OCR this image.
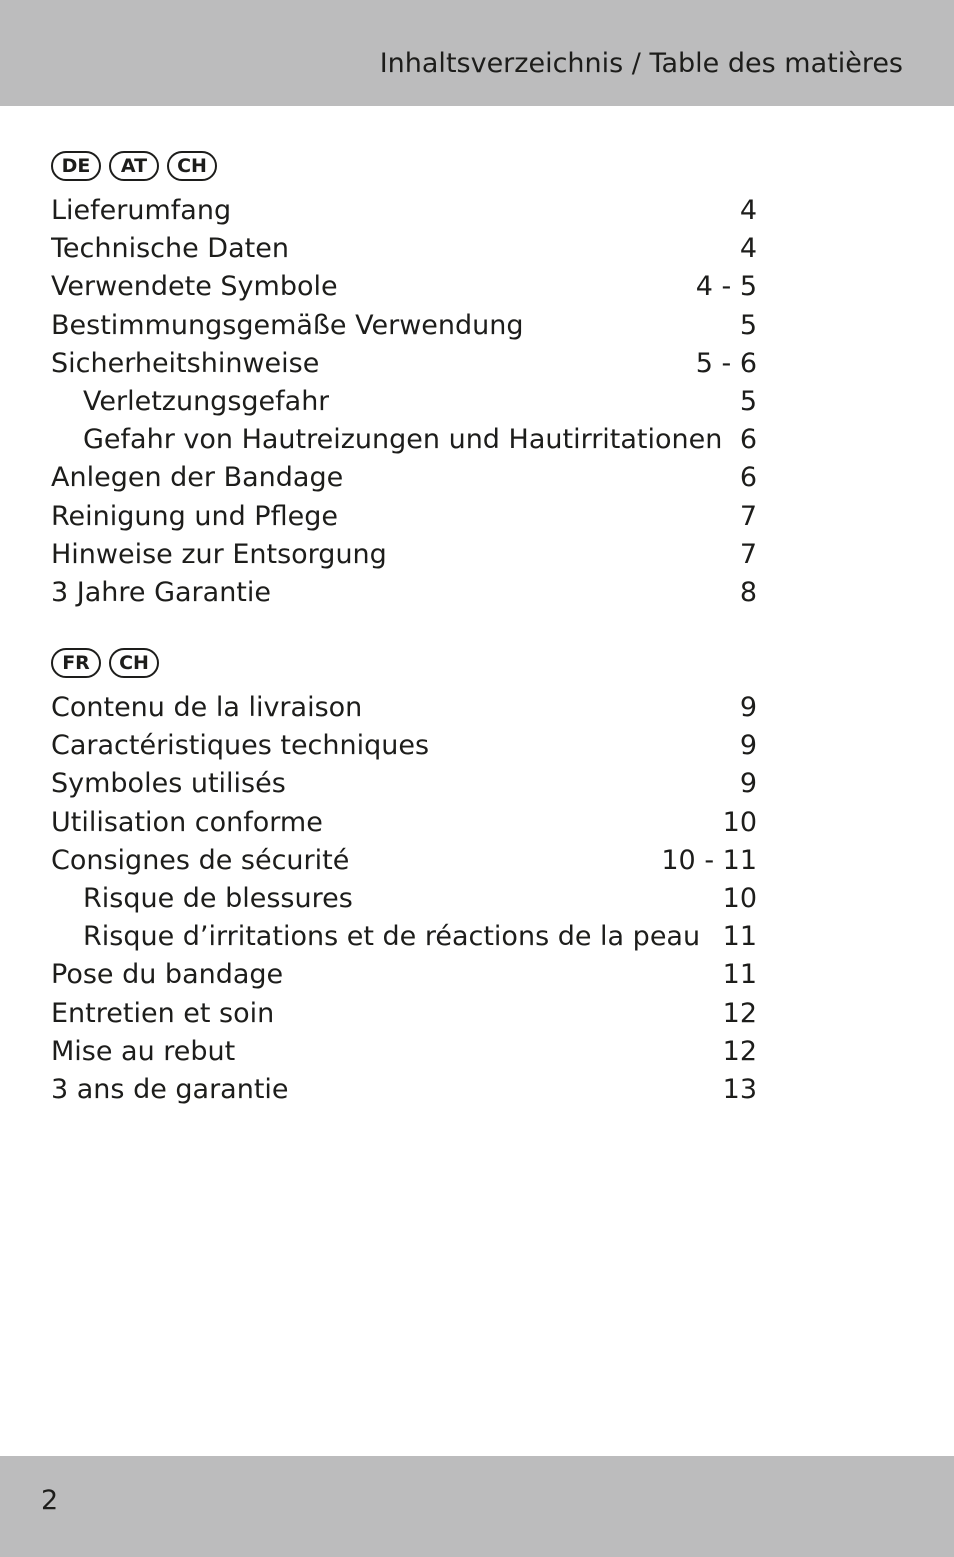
Inhaltsverzeichnis / Table des matières
DE	AT	CH
Lieferumfang	4
Technische Daten	4
Verwendete Symbole	4 - 5
Bestimmungsgemäße Verwendung	5
Sicherheitshinweise	5 - 6
Verletzungsgefahr	5
Gefahr von Hautreizungen und Hautirritationen 6
Anlegen der Bandage	6
Reinigung und Pflege	7
Hinweise zur Entsorgung	7
3 Jahre Garantie	8
FR	CH
Contenu de la livraison	9
Caractéristiques techniques	9
Symboles utilisés	9
Utilisation conforme	10
Consignes de sécurité	10 - 11
Risque de blessures	10
Risque d’irritations et de réactions de la peau 11
Pose du bandage	11
Entretien et soin	12
Mise au rebut	12
3 ans de garantie	13
2
